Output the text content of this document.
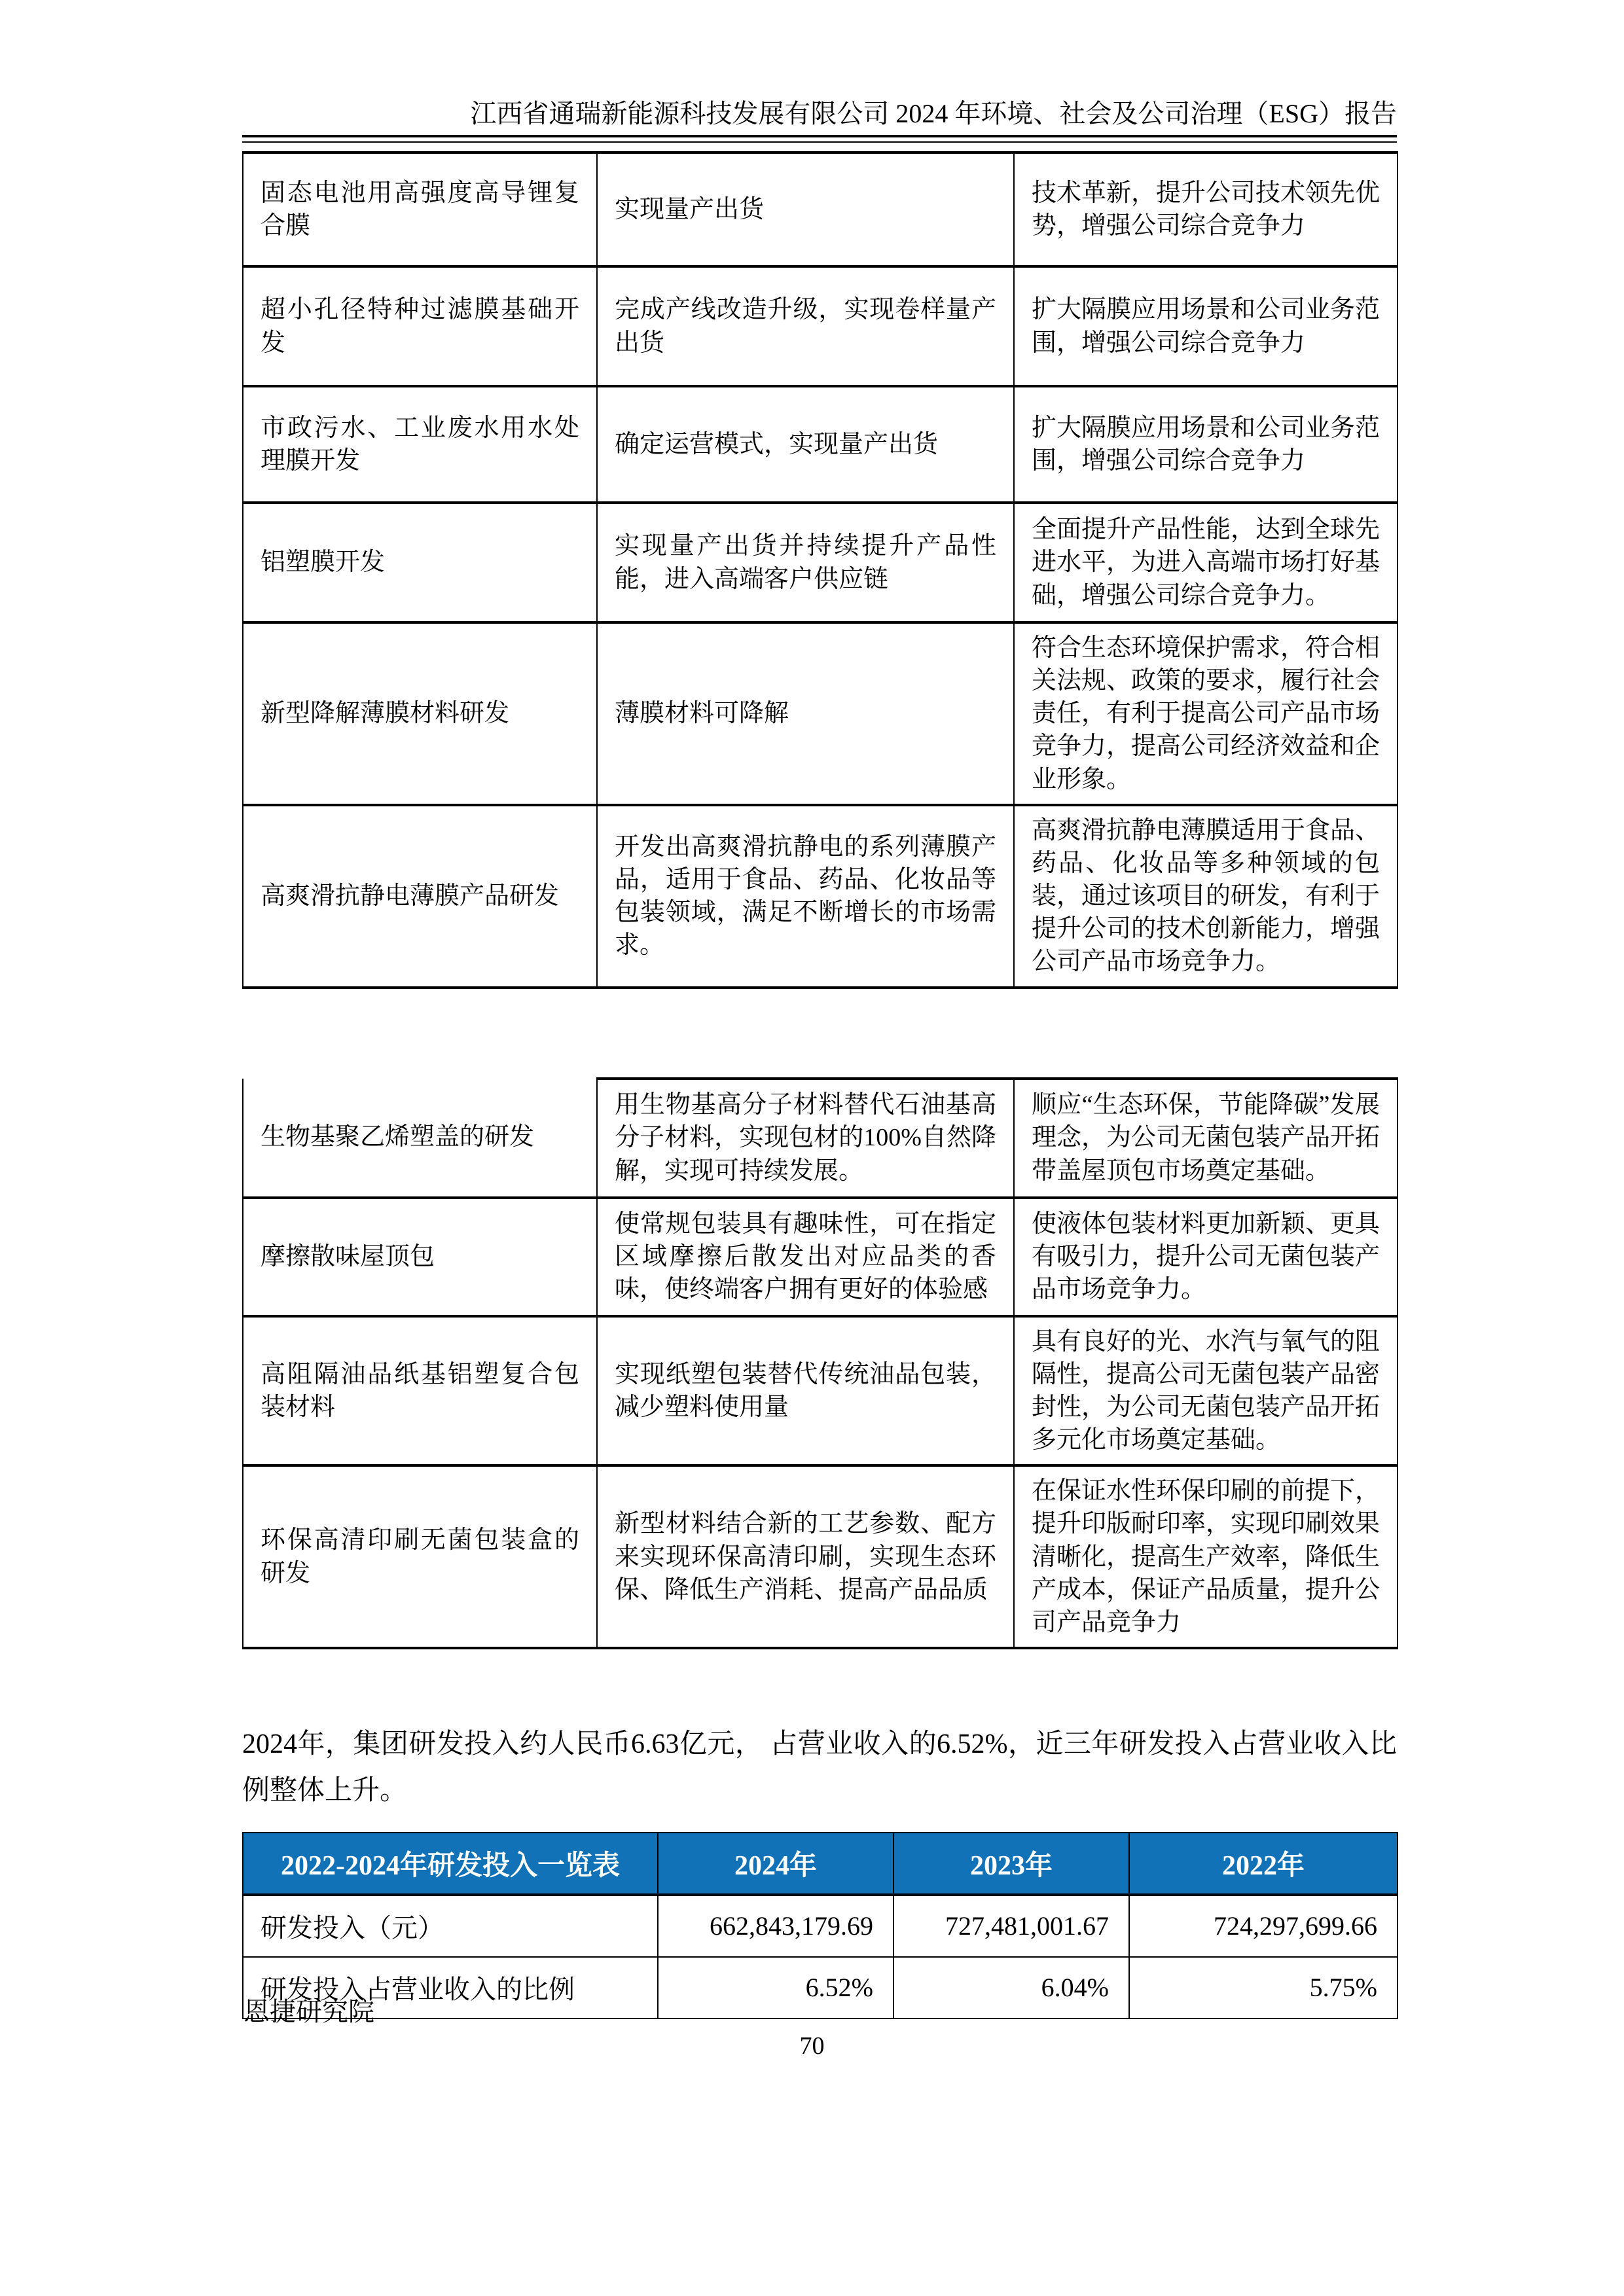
江西省通瑞新能源科技发展有限公司 2024 年环境、社会及公司治理（ESG）报告
固态电池用高强度高导锂复合膜	实现量产出货	技术革新，提升公司技术领先优势，增强公司综合竞争力
超小孔径特种过滤膜基础开发	完成产线改造升级，实现卷样量产出货	扩大隔膜应用场景和公司业务范围，增强公司综合竞争力
市政污水、工业废水用水处理膜开发	确定运营模式，实现量产出货	扩大隔膜应用场景和公司业务范围，增强公司综合竞争力
铝塑膜开发	实现量产出货并持续提升产品性能，进入高端客户供应链	全面提升产品性能，达到全球先进水平，为进入高端市场打好基础，增强公司综合竞争力。
新型降解薄膜材料研发	薄膜材料可降解	符合生态环境保护需求，符合相关法规、政策的要求，履行社会责任，有利于提高公司产品市场竞争力，提高公司经济效益和企业形象。
高爽滑抗静电薄膜产品研发	开发出高爽滑抗静电的系列薄膜产品，适用于食品、药品、化妆品等包装领域，满足不断增长的市场需求。	高爽滑抗静电薄膜适用于食品、药品、化妆品等多种领域的包装，通过该项目的研发，有利于提升公司的技术创新能力，增强公司产品市场竞争力。
生物基聚乙烯塑盖的研发	用生物基高分子材料替代石油基高分子材料，实现包材的100%自然降解，实现可持续发展。	顺应“生态环保，节能降碳”发展理念，为公司无菌包装产品开拓带盖屋顶包市场奠定基础。
摩擦散味屋顶包	使常规包装具有趣味性，可在指定区域摩擦后散发出对应品类的香味，使终端客户拥有更好的体验感	使液体包装材料更加新颖、更具有吸引力，提升公司无菌包装产品市场竞争力。
高阻隔油品纸基铝塑复合包装材料	实现纸塑包装替代传统油品包装，减少塑料使用量	具有良好的光、水汽与氧气的阻隔性，提高公司无菌包装产品密封性，为公司无菌包装产品开拓多元化市场奠定基础。
环保高清印刷无菌包装盒的研发	新型材料结合新的工艺参数、配方来实现环保高清印刷，实现生态环保、降低生产消耗、提高产品品质	在保证水性环保印刷的前提下，提升印版耐印率，实现印刷效果清晰化，提高生产效率，降低生产成本，保证产品质量，提升公司产品竞争力

2024年，集团研发投入约人民币6.63亿元， 占营业收入的6.52%，近三年研发投入占营业收入比例整体上升。

2022-2024年研发投入一览表	2024年	2023年	2022年
研发投入（元）	662,843,179.69	727,481,001.67	724,297,699.66
研发投入占营业收入的比例	6.52%	6.04%	5.75%
恩捷研究院
70
